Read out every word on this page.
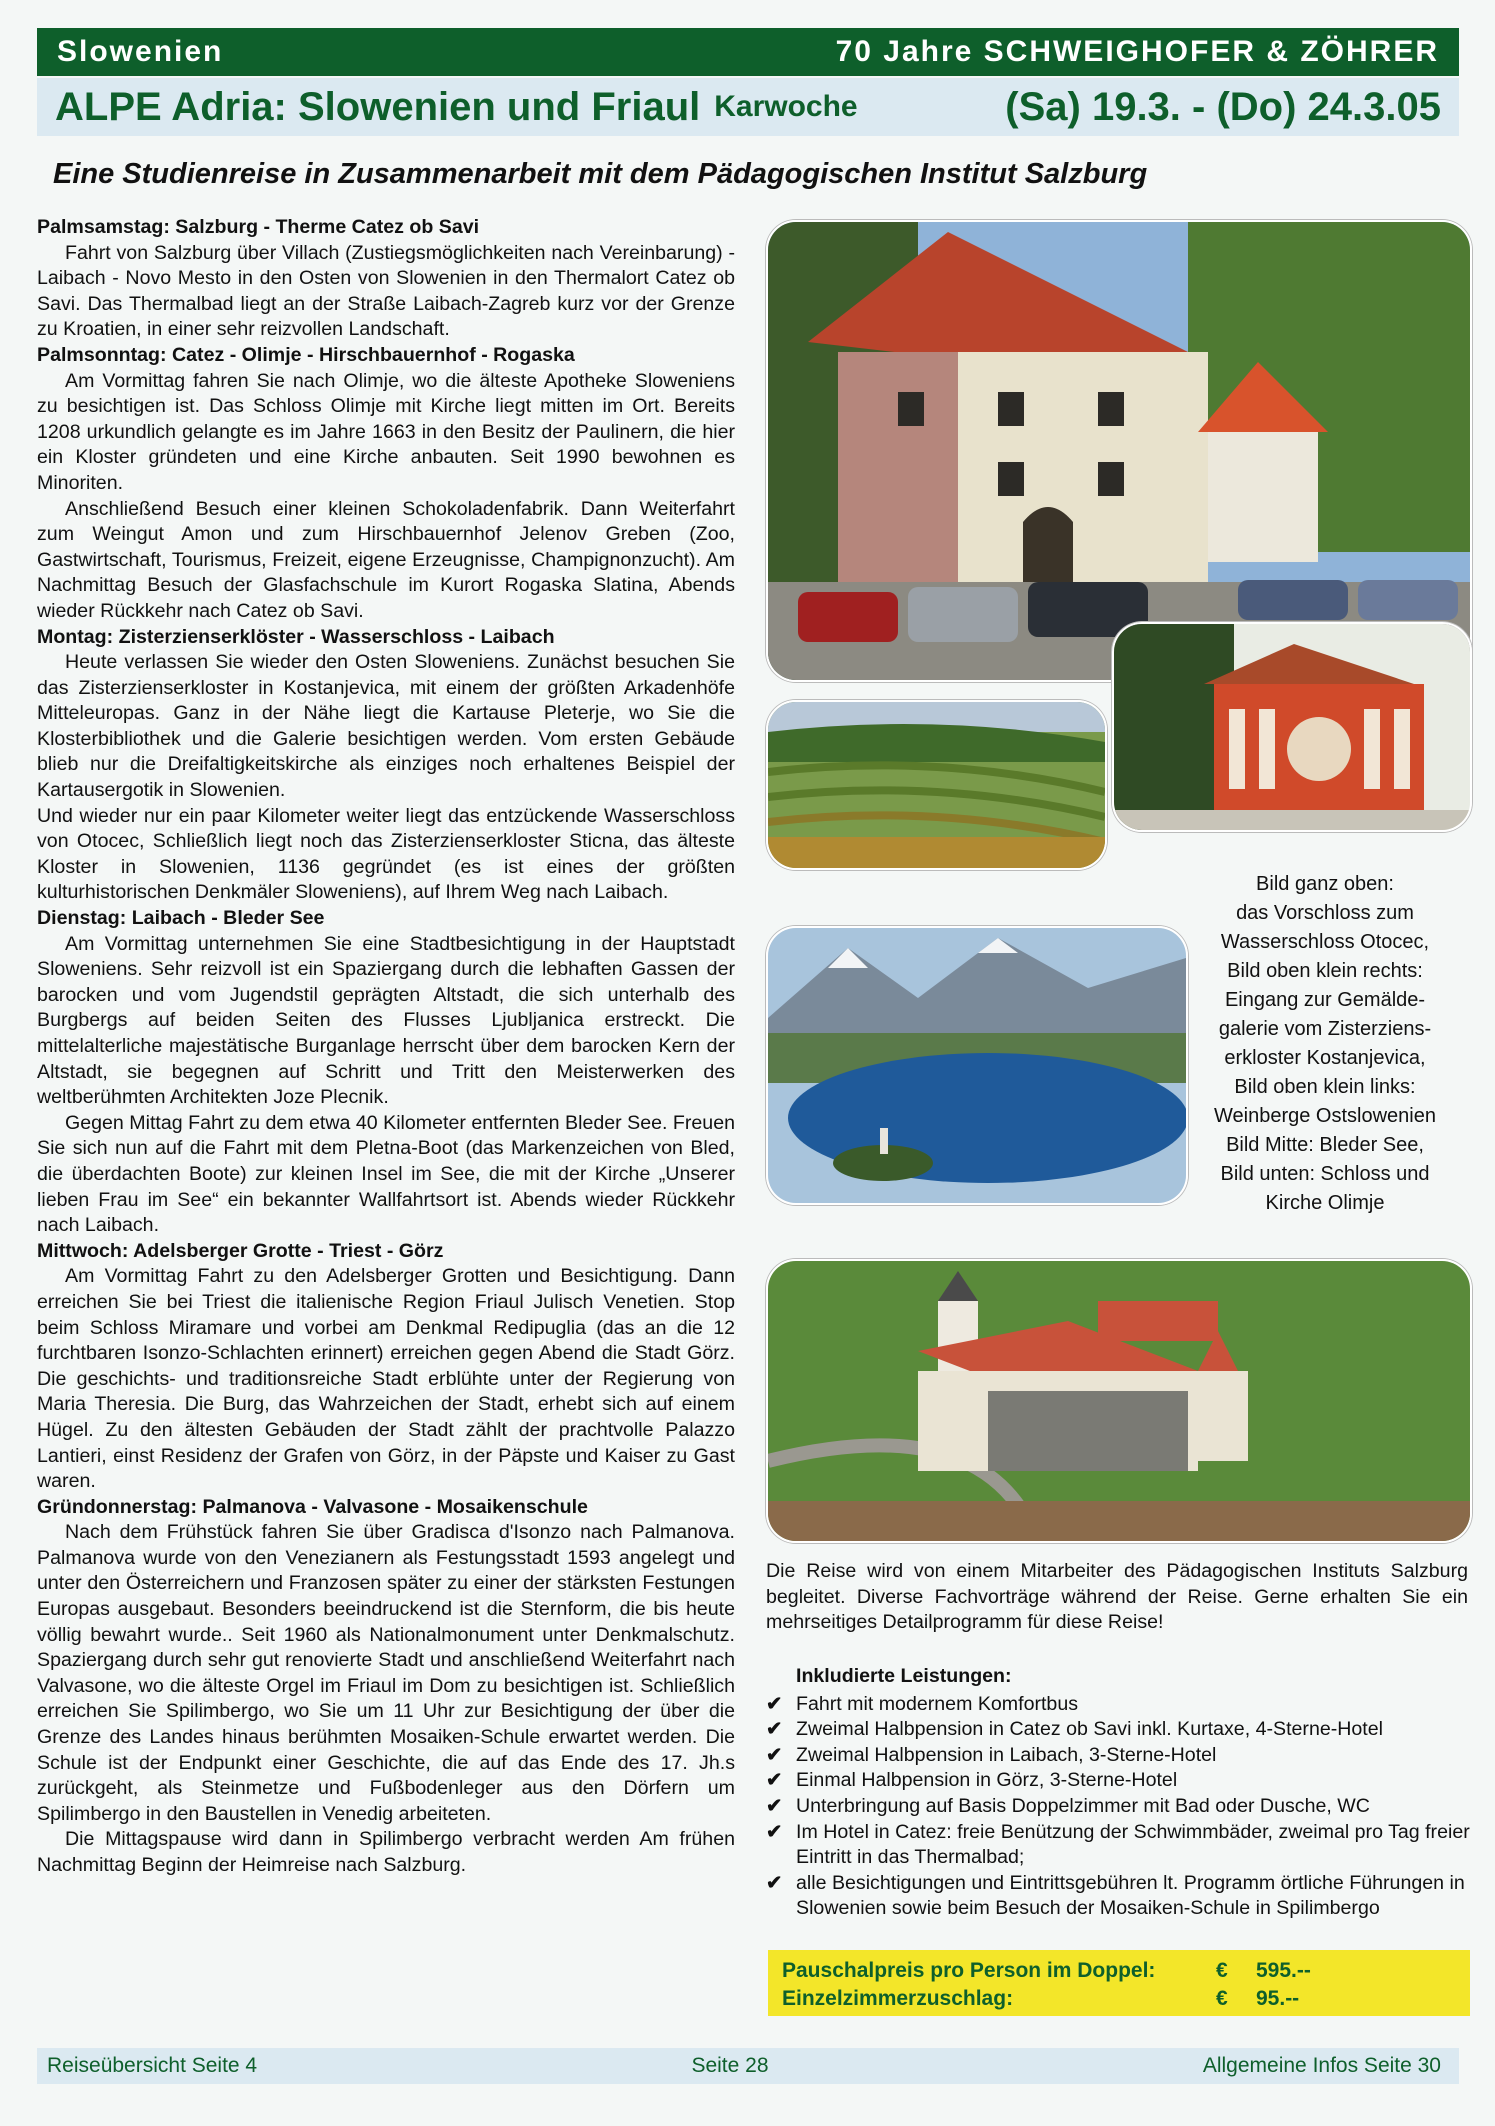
Slowenien	70 Jahre SCHWEIGHOFER & ZÖHRER
ALPE Adria: Slowenien und Friaul Karwoche	(Sa) 19.3. - (Do) 24.3.05
Eine Studienreise in Zusammenarbeit mit dem Pädagogischen Institut Salzburg
Palmsamstag: Salzburg - Therme Catez ob Savi

Fahrt von Salzburg über Villach (Zustiegsmöglichkeiten nach Vereinbarung) - Laibach - Novo Mesto in den Osten von Slowenien in den Thermalort Catez ob Savi. Das Thermalbad liegt an der Straße Laibach-Zagreb kurz vor der Grenze zu Kroatien, in einer sehr reizvollen Landschaft.

Palmsonntag: Catez - Olimje - Hirschbauernhof - Rogaska

Am Vormittag fahren Sie nach Olimje, wo die älteste Apotheke Sloweniens zu besichtigen ist. Das Schloss Olimje mit Kirche liegt mitten im Ort. Bereits 1208 urkundlich gelangte es im Jahre 1663 in den Besitz der Paulinern, die hier ein Kloster gründeten und eine Kirche anbauten. Seit 1990 bewohnen es Minoriten.

Anschließend Besuch einer kleinen Schokoladenfabrik. Dann Weiterfahrt zum Weingut Amon und zum Hirschbauernhof Jelenov Greben (Zoo, Gastwirtschaft, Tourismus, Freizeit, eigene Erzeugnisse, Champignonzucht). Am Nachmittag Besuch der Glasfachschule im Kurort Rogaska Slatina, Abends wieder Rückkehr nach Catez ob Savi.

Montag: Zisterzienserklöster - Wasserschloss - Laibach

Heute verlassen Sie wieder den Osten Sloweniens. Zunächst besuchen Sie das Zisterzienserkloster in Kostanjevica, mit einem der größten Arkadenhöfe Mitteleuropas. Ganz in der Nähe liegt die Kartause Pleterje, wo Sie die Klosterbibliothek und die Galerie besichtigen werden. Vom ersten Gebäude blieb nur die Dreifaltigkeitskirche als einziges noch erhaltenes Beispiel der Kartausergotik in Slowenien.

Und wieder nur ein paar Kilometer weiter liegt das entzückende Wasserschloss von Otocec, Schließlich liegt noch das Zisterzienserkloster Sticna, das älteste Kloster in Slowenien, 1136 gegründet (es ist eines der größten kulturhistorischen Denkmäler Sloweniens), auf Ihrem Weg nach Laibach.

Dienstag: Laibach - Bleder See

Am Vormittag unternehmen Sie eine Stadtbesichtigung in der Hauptstadt Sloweniens. Sehr reizvoll ist ein Spaziergang durch die lebhaften Gassen der barocken und vom Jugendstil geprägten Altstadt, die sich unterhalb des Burgbergs auf beiden Seiten des Flusses Ljubljanica erstreckt. Die mittelalterliche majestätische Burganlage herrscht über dem barocken Kern der Altstadt, sie begegnen auf Schritt und Tritt den Meisterwerken des weltberühmten Architekten Joze Plecnik.

Gegen Mittag Fahrt zu dem etwa 40 Kilometer entfernten Bleder See. Freuen Sie sich nun auf die Fahrt mit dem Pletna-Boot (das Markenzeichen von Bled, die überdachten Boote) zur kleinen Insel im See, die mit der Kirche „Unserer lieben Frau im See“ ein bekannter Wallfahrtsort ist. Abends wieder Rückkehr nach Laibach.

Mittwoch: Adelsberger Grotte - Triest - Görz

Am Vormittag Fahrt zu den Adelsberger Grotten und Besichtigung. Dann erreichen Sie bei Triest die italienische Region Friaul Julisch Venetien. Stop beim Schloss Miramare und vorbei am Denkmal Redipuglia (das an die 12 furchtbaren Isonzo-Schlachten erinnert) erreichen gegen Abend die Stadt Görz. Die geschichts- und traditionsreiche Stadt erblühte unter der Regierung von Maria Theresia. Die Burg, das Wahrzeichen der Stadt, erhebt sich auf einem Hügel. Zu den ältesten Gebäuden der Stadt zählt der prachtvolle Palazzo Lantieri, einst Residenz der Grafen von Görz, in der Päpste und Kaiser zu Gast waren.

Gründonnerstag: Palmanova - Valvasone - Mosaikenschule

Nach dem Frühstück fahren Sie über Gradisca d'Isonzo nach Palmanova. Palmanova wurde von den Venezianern als Festungsstadt 1593 angelegt und unter den Österreichern und Franzosen später zu einer der stärksten Festungen Europas ausgebaut. Besonders beeindruckend ist die Sternform, die bis heute völlig bewahrt wurde.. Seit 1960 als Nationalmonument unter Denkmalschutz. Spaziergang durch sehr gut renovierte Stadt und anschließend Weiterfahrt nach Valvasone, wo die älteste Orgel im Friaul im Dom zu besichtigen ist. Schließlich erreichen Sie Spilimbergo, wo Sie um 11 Uhr zur Besichtigung der über die Grenze des Landes hinaus berühmten Mosaiken-Schule erwartet werden. Die Schule ist der Endpunkt einer Geschichte, die auf das Ende des 17. Jh.s zurückgeht, als Steinmetze und Fußbodenleger aus den Dörfern um Spilimbergo in den Baustellen in Venedig arbeiteten.

Die Mittagspause wird dann in Spilimbergo verbracht werden Am frühen Nachmittag Beginn der Heimreise nach Salzburg.

Bild ganz oben:
das Vorschloss zum
Wasserschloss Otocec,
Bild oben klein rechts:
Eingang zur Gemälde-
galerie vom Zisterziens-
erkloster Kostanjevica,
Bild oben klein links:
Weinberge Ostslowenien
Bild Mitte: Bleder See,
Bild unten: Schloss und
Kirche Olimje
Die Reise wird von einem Mitarbeiter des Pädagogischen Instituts Salzburg begleitet. Diverse Fachvorträge während der Reise. Gerne erhalten Sie ein mehrseitiges Detailprogramm für diese Reise!
Inkludierte Leistungen:
✔ Fahrt mit modernem Komfortbus
✔ Zweimal Halbpension in Catez ob Savi inkl. Kurtaxe, 4-Sterne-Hotel
✔ Zweimal Halbpension in Laibach, 3-Sterne-Hotel
✔ Einmal Halbpension in Görz, 3-Sterne-Hotel
✔ Unterbringung auf Basis Doppelzimmer mit Bad oder Dusche, WC
✔ Im Hotel in Catez: freie Benützung der Schwimmbäder, zweimal pro Tag freier Eintritt in das Thermalbad;
✔ alle Besichtigungen und Eintrittsgebühren lt. Programm örtliche Führungen in Slowenien sowie beim Besuch der Mosaiken-Schule in Spilimbergo
Pauschalpreis pro Person im Doppel:	€	595.--
Einzelzimmerzuschlag:	€	95.--
Reiseübersicht Seite 4	Seite 28	Allgemeine Infos Seite 30
